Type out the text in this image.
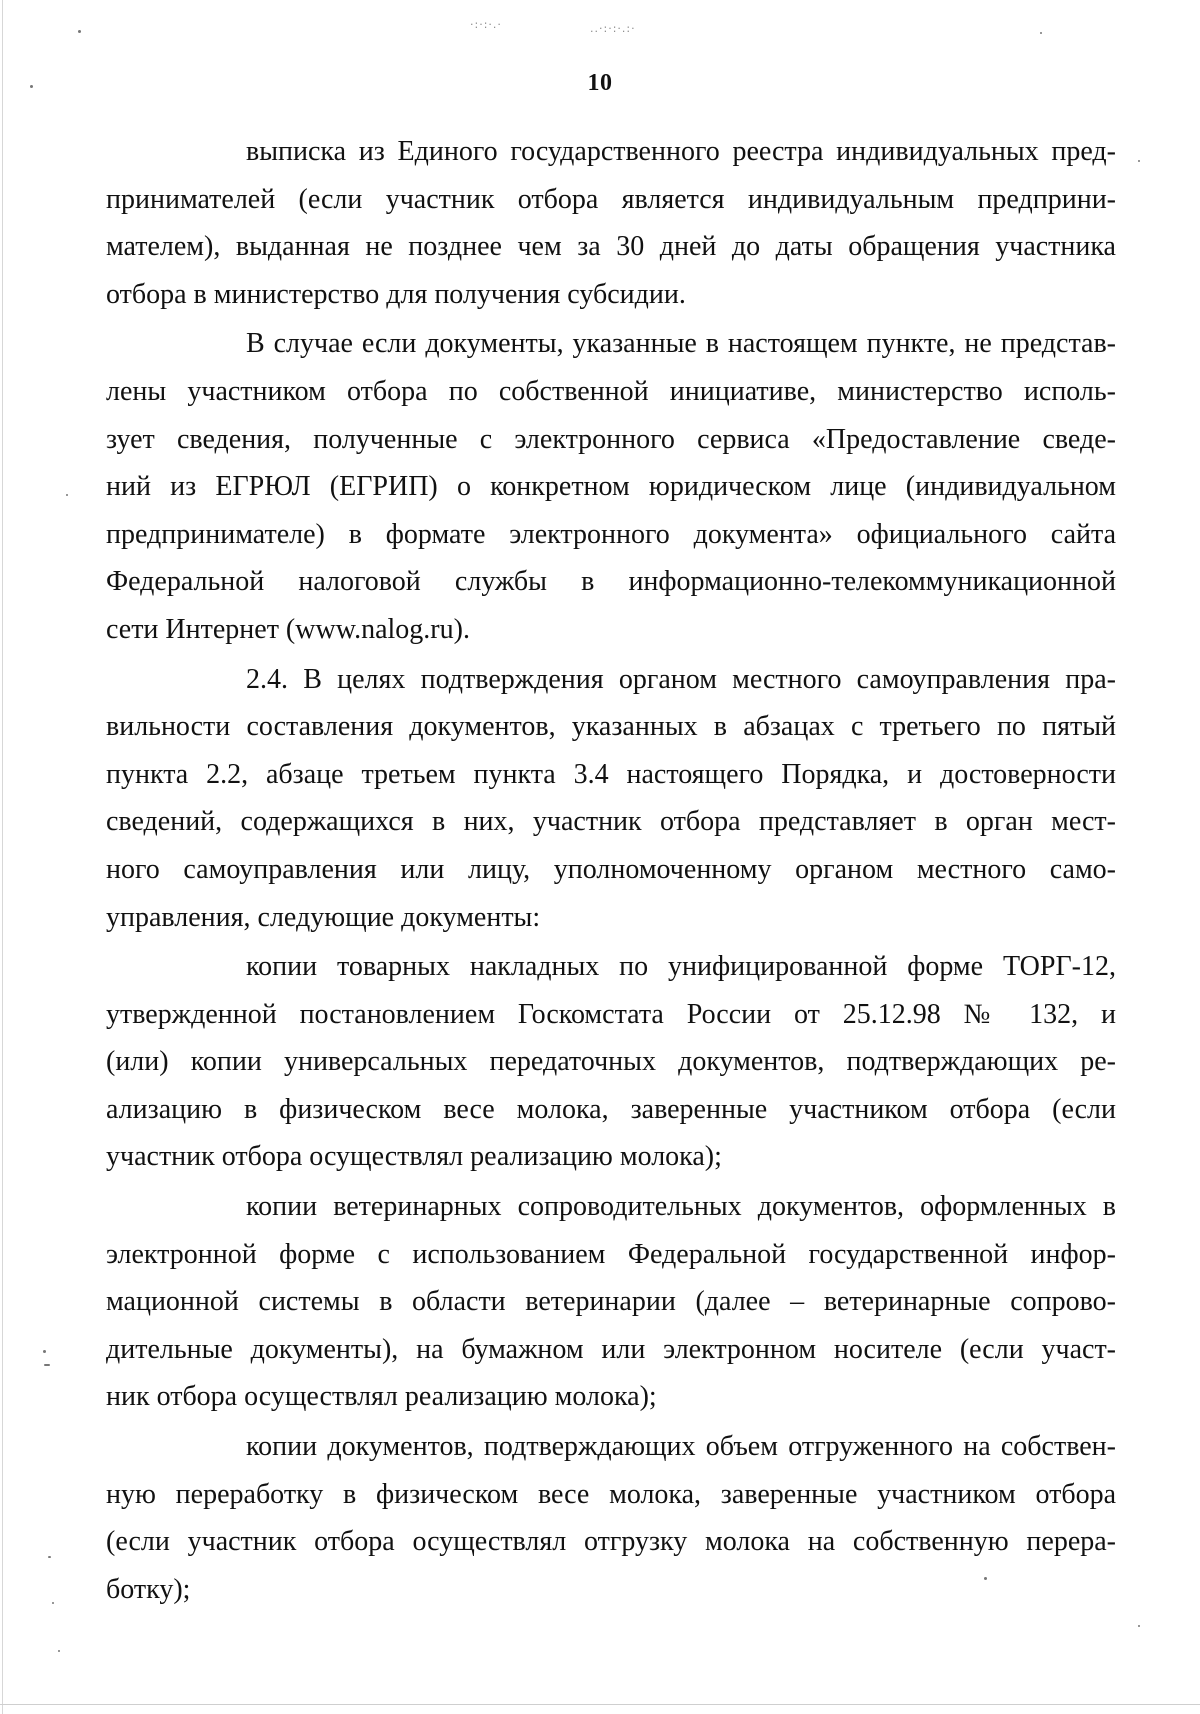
·:·:·.·	..·:·:·.:·
10

выписка из Единого государственного реестра индивидуальных пред-
принимателей (если участник отбора является индивидуальным предприни-
мателем), выданная не позднее чем за 30 дней до даты обращения участника
отбора в министерство для получения субсидии.

В случае если документы, указанные в настоящем пункте, не представ-
лены участником отбора по собственной инициативе, министерство исполь-
зует сведения, полученные с электронного сервиса «Предоставление сведе-
ний из ЕГРЮЛ (ЕГРИП) о конкретном юридическом лице (индивидуальном
предпринимателе) в формате электронного документа» официального сайта
Федеральной налоговой службы в информационно-телекоммуникационной
сети Интернет (www.nalog.ru).

2.4. В целях подтверждения органом местного самоуправления пра-
вильности составления документов, указанных в абзацах с третьего по пятый
пункта 2.2, абзаце третьем пункта 3.4 настоящего Порядка, и достоверности
сведений, содержащихся в них, участник отбора представляет в орган мест-
ного самоуправления или лицу, уполномоченному органом местного само-
управления, следующие документы:

копии товарных накладных по унифицированной форме ТОРГ-12,
утвержденной постановлением Госкомстата России от 25.12.98 № 132, и
(или) копии универсальных передаточных документов, подтверждающих ре-
ализацию в физическом весе молока, заверенные участником отбора (если
участник отбора осуществлял реализацию молока);

копии ветеринарных сопроводительных документов, оформленных в
электронной форме с использованием Федеральной государственной инфор-
мационной системы в области ветеринарии (далее – ветеринарные сопрово-
дительные документы), на бумажном или электронном носителе (если участ-
ник отбора осуществлял реализацию молока);

копии документов, подтверждающих объем отгруженного на собствен-
ную переработку в физическом весе молока, заверенные участником отбора
(если участник отбора осуществлял отгрузку молока на собственную перера-
ботку);
